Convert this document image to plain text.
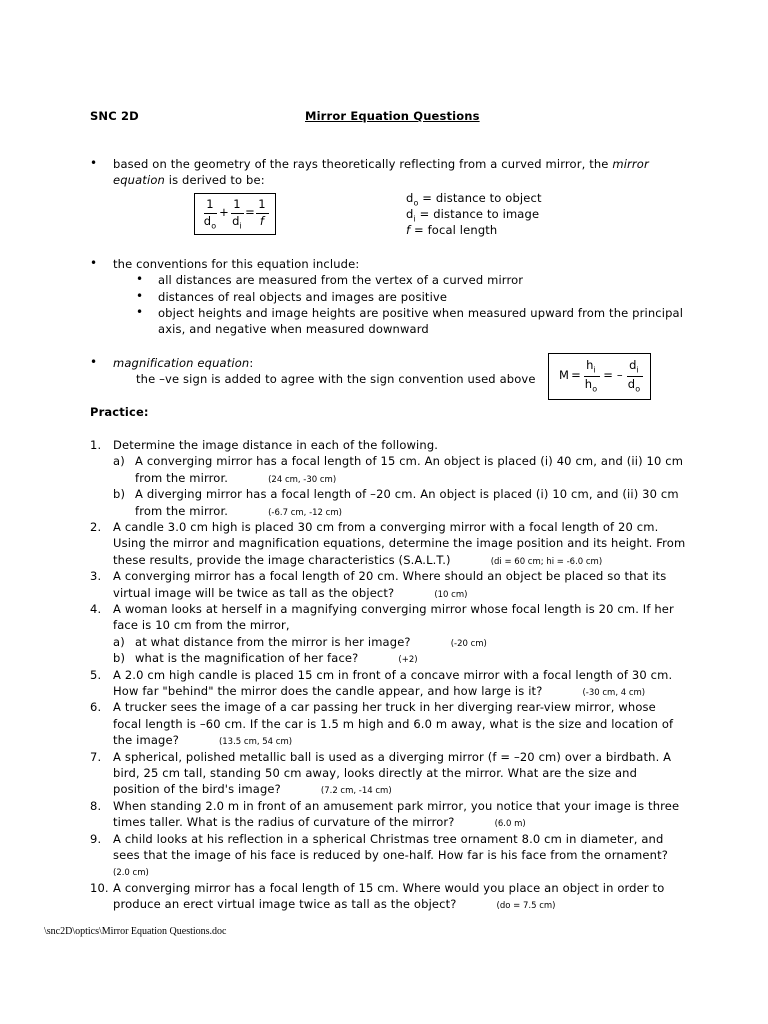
SNC 2D	Mirror Equation Questions
• based on the geometry of the rays theoretically reflecting from a curved mirror, the mirror
equation is derived to be:
1
$d_o$
+
1
$d_i$
=
1
f
$d_o$ = distance to object
$d_i$ = distance to image
f = focal length
• the conventions for this equation include:
• all distances are measured from the vertex of a curved mirror
• distances of real objects and images are positive
• object heights and image heights are positive when measured upward from the principal
axis, and negative when measured downward
• magnification equation:
the –ve sign is added to agree with the sign convention used above M =
$h_i$
$h_o$
= –
$d_i$
$d_o$
Practice:
1. Determine the image distance in each of the following.
a) A converging mirror has a focal length of 15 cm. An object is placed (i) 40 cm, and (ii) 10 cm
from the mirror.	(24 cm, -30 cm)
b) A diverging mirror has a focal length of –20 cm. An object is placed (i) 10 cm, and (ii) 30 cm
from the mirror.	(-6.7 cm, -12 cm)
2. A candle 3.0 cm high is placed 30 cm from a converging mirror with a focal length of 20 cm.
Using the mirror and magnification equations, determine the image position and its height. From
these results, provide the image characteristics (S.A.L.T.)	(di = 60 cm; hi = -6.0 cm)
3. A converging mirror has a focal length of 20 cm. Where should an object be placed so that its
virtual image will be twice as tall as the object?	(10 cm)
4. A woman looks at herself in a magnifying converging mirror whose focal length is 20 cm. If her
face is 10 cm from the mirror,
a) at what distance from the mirror is her image?	(-20 cm)
b) what is the magnification of her face?	(+2)
5. A 2.0 cm high candle is placed 15 cm in front of a concave mirror with a focal length of 30 cm.
How far "behind" the mirror does the candle appear, and how large is it?	(-30 cm, 4 cm)
6. A trucker sees the image of a car passing her truck in her diverging rear-view mirror, whose
focal length is –60 cm. If the car is 1.5 m high and 6.0 m away, what is the size and location of
the image?	(13.5 cm, 54 cm)
7. A spherical, polished metallic ball is used as a diverging mirror (f = –20 cm) over a birdbath. A
bird, 25 cm tall, standing 50 cm away, looks directly at the mirror. What are the size and
position of the bird's image?	(7.2 cm, -14 cm)
8. When standing 2.0 m in front of an amusement park mirror, you notice that your image is three
times taller. What is the radius of curvature of the mirror?	(6.0 m)
9. A child looks at his reflection in a spherical Christmas tree ornament 8.0 cm in diameter, and
sees that the image of his face is reduced by one-half. How far is his face from the ornament?
(2.0 cm)
10. A converging mirror has a focal length of 15 cm. Where would you place an object in order to
produce an erect virtual image twice as tall as the object?	(do = 7.5 cm)
\snc2D\optics\Mirror Equation Questions.doc
